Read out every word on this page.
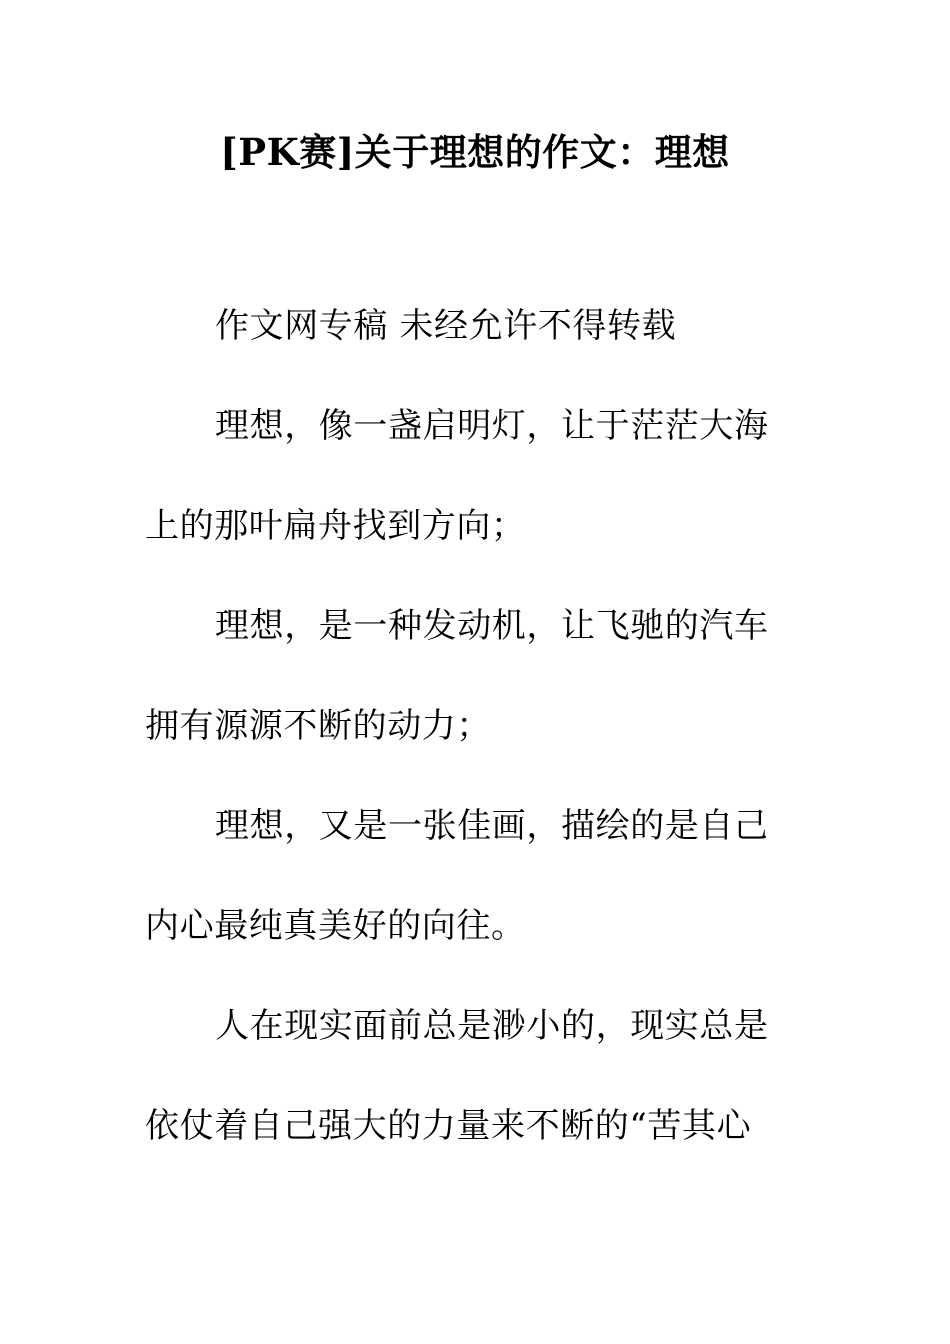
[PK赛]关于理想的作文：理想
作文网专稿 未经允许不得转载
理想，像一盏启明灯，让于茫茫大海
上的那叶扁舟找到方向；
理想，是一种发动机，让飞驰的汽车
拥有源源不断的动力；
理想，又是一张佳画，描绘的是自己
内心最纯真美好的向往。
人在现实面前总是渺小的，现实总是
依仗着自己强大的力量来不断的“苦其心
